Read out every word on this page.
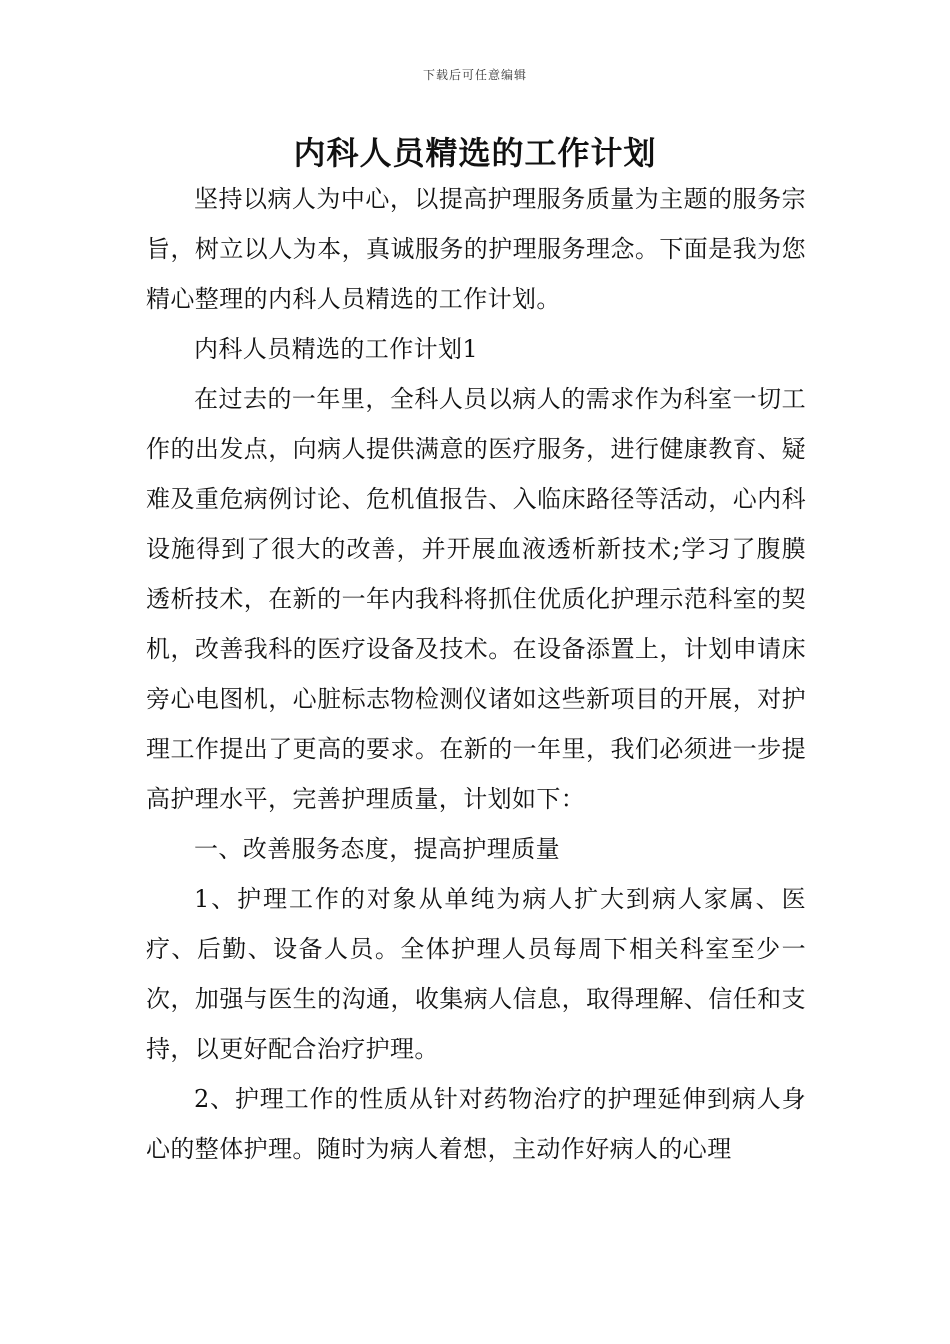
下载后可任意编辑
内科人员精选的工作计划

坚持以病人为中心，以提高护理服务质量为主题的服务宗旨，树立以人为本，真诚服务的护理服务理念。下面是我为您精心整理的内科人员精选的工作计划。

内科人员精选的工作计划1

在过去的一年里，全科人员以病人的需求作为科室一切工作的出发点，向病人提供满意的医疗服务，进行健康教育、疑难及重危病例讨论、危机值报告、入临床路径等活动，心内科设施得到了很大的改善，并开展血液透析新技术;学习了腹膜透析技术，在新的一年内我科将抓住优质化护理示范科室的契机，改善我科的医疗设备及技术。在设备添置上，计划申请床旁心电图机，心脏标志物检测仪诸如这些新项目的开展，对护理工作提出了更高的要求。在新的一年里，我们必须进一步提高护理水平，完善护理质量，计划如下：

一、改善服务态度，提高护理质量

1、护理工作的对象从单纯为病人扩大到病人家属、医疗、后勤、设备人员。全体护理人员每周下相关科室至少一次，加强与医生的沟通，收集病人信息，取得理解、信任和支持，以更好配合治疗护理。

2、护理工作的性质从针对药物治疗的护理延伸到病人身心的整体护理。随时为病人着想，主动作好病人的心理
